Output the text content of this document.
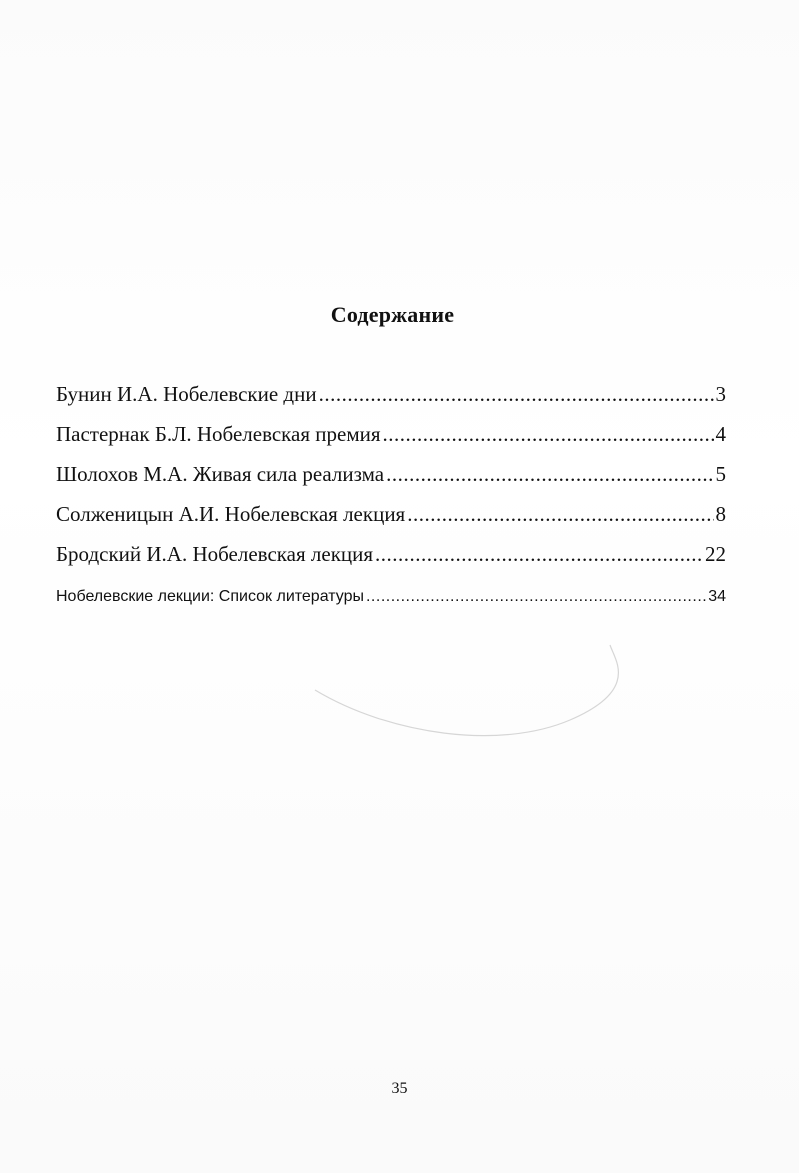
Содержание
Бунин И.А. Нобелевские дни .....	3
Пастернак Б.Л. Нобелевская премия .....	4
Шолохов М.А. Живая сила реализма .....	5
Солженицын А.И. Нобелевская лекция .....	8
Бродский И.А. Нобелевская лекция .....	22
Нобелевские лекции: Список литературы .....	34
35
